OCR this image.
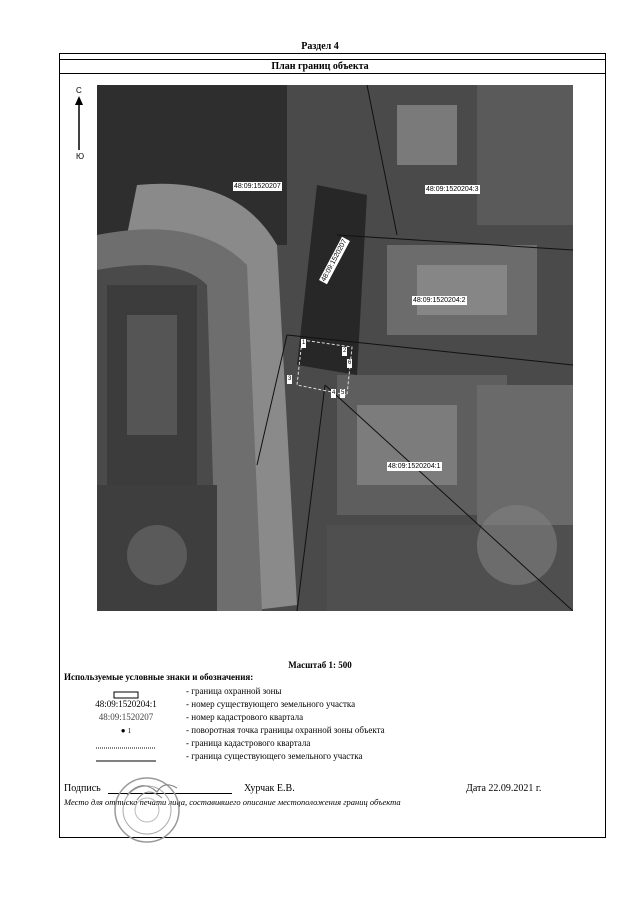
Раздел 4
План границ объекта
С
Ю
48:09:1520207	48:09:1520204:3
48:09:1520204:2
48:09:1520204:1
48:09:1520207
1
2
3
4 5
6
Масштаб 1: 500
Используемые условные знаки и обозначения:
- граница охранной зоны
48:09:1520204:1	- номер существующего земельного участка
48:09:1520207	- номер кадастрового квартала
● 1	- поворотная точка границы охранной зоны объекта
- граница кадастрового квартала
- граница существующего земельного участка
Подпись	Хурчак Е.В.	Дата 22.09.2021 г.
Место для оттиска печати лица, составившего описание местоположения границ объекта
